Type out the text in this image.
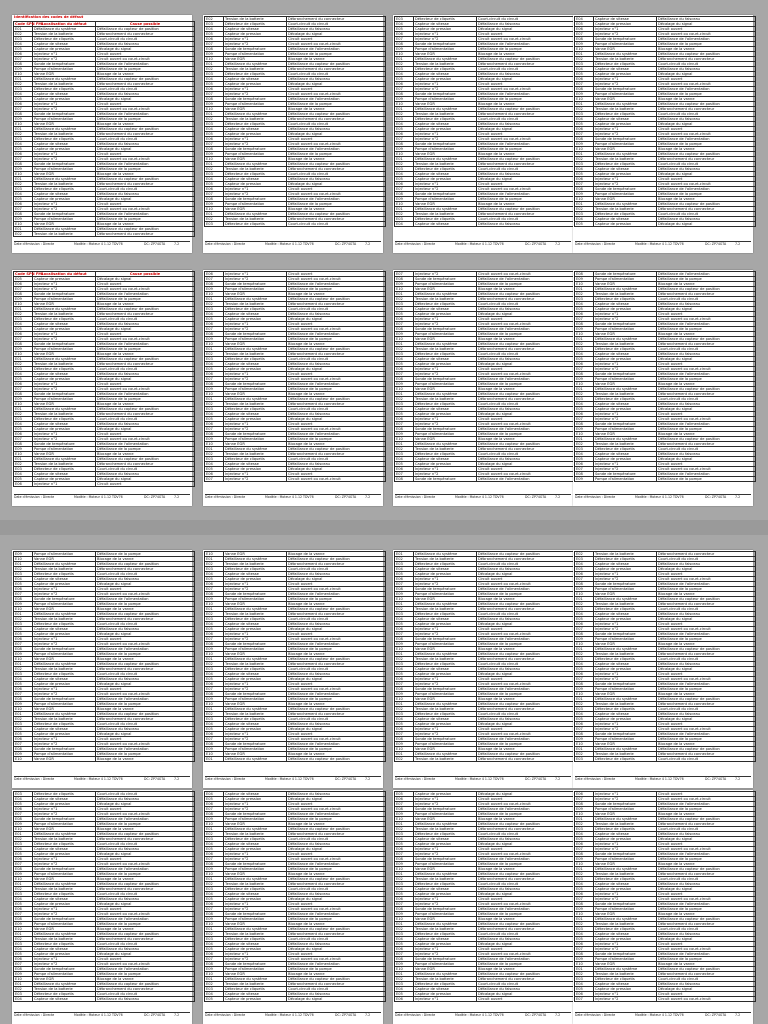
Identification des codes de défaut
Code SPN FMI	Localisation du défaut	Cause possible
E01	Défaillance du système	Défaillance du capteur de position
E02	Tension de la batterie	Débranchement du connecteur
E03	Détecteur de cliquetis	Court-circuit du circuit
E04	Capteur de vitesse	Défaillance du faisceau
E05	Capteur de pression	Décalage du signal
E06	Injecteur n°1	Circuit ouvert
E07	Injecteur n°2	Circuit ouvert ou court-circuit
E08	Sonde de température	Défaillance de l'alimentation
E09	Pompe d'alimentation	Défaillance de la pompe
E10	Vanne EGR	Blocage de la vanne
E01	Défaillance du système	Défaillance du capteur de position
E02	Tension de la batterie	Débranchement du connecteur
E03	Détecteur de cliquetis	Court-circuit du circuit
E04	Capteur de vitesse	Défaillance du faisceau
E05	Capteur de pression	Décalage du signal
E06	Injecteur n°1	Circuit ouvert
E07	Injecteur n°2	Circuit ouvert ou court-circuit
E08	Sonde de température	Défaillance de l'alimentation
E09	Pompe d'alimentation	Défaillance de la pompe
E10	Vanne EGR	Blocage de la vanne
E01	Défaillance du système	Défaillance du capteur de position
E02	Tension de la batterie	Débranchement du connecteur
E03	Détecteur de cliquetis	Court-circuit du circuit
E04	Capteur de vitesse	Défaillance du faisceau
E05	Capteur de pression	Décalage du signal
E06	Injecteur n°1	Circuit ouvert
E07	Injecteur n°2	Circuit ouvert ou court-circuit
E08	Sonde de température	Défaillance de l'alimentation
E09	Pompe d'alimentation	Défaillance de la pompe
E10	Vanne EGR	Blocage de la vanne
E01	Défaillance du système	Défaillance du capteur de position
E02	Tension de la batterie	Débranchement du connecteur
E03	Détecteur de cliquetis	Court-circuit du circuit
E04	Capteur de vitesse	Défaillance du faisceau
E05	Capteur de pression	Décalage du signal
E06	Injecteur n°1	Circuit ouvert
E07	Injecteur n°2	Circuit ouvert ou court-circuit
E08	Sonde de température	Défaillance de l'alimentation
E09	Pompe d'alimentation	Défaillance de la pompe
E10	Vanne EGR	Blocage de la vanne
E01	Défaillance du système	Défaillance du capteur de position
E02	Tension de la batterie	Débranchement du connecteur
Date d'émission : Directe	Modèle : Moteur 4 1.12 TDV76	DC: ZP74GTA	7-2
E02	Tension de la batterie	Débranchement du connecteur
E03	Détecteur de cliquetis	Court-circuit du circuit
E04	Capteur de vitesse	Défaillance du faisceau
E05	Capteur de pression	Décalage du signal
E06	Injecteur n°1	Circuit ouvert
E07	Injecteur n°2	Circuit ouvert ou court-circuit
E08	Sonde de température	Défaillance de l'alimentation
E09	Pompe d'alimentation	Défaillance de la pompe
E10	Vanne EGR	Blocage de la vanne
E01	Défaillance du système	Défaillance du capteur de position
E02	Tension de la batterie	Débranchement du connecteur
E03	Détecteur de cliquetis	Court-circuit du circuit
E04	Capteur de vitesse	Défaillance du faisceau
E05	Capteur de pression	Décalage du signal
E06	Injecteur n°1	Circuit ouvert
E07	Injecteur n°2	Circuit ouvert ou court-circuit
E08	Sonde de température	Défaillance de l'alimentation
E09	Pompe d'alimentation	Défaillance de la pompe
E10	Vanne EGR	Blocage de la vanne
E01	Défaillance du système	Défaillance du capteur de position
E02	Tension de la batterie	Débranchement du connecteur
E03	Détecteur de cliquetis	Court-circuit du circuit
E04	Capteur de vitesse	Défaillance du faisceau
E05	Capteur de pression	Décalage du signal
E06	Injecteur n°1	Circuit ouvert
E07	Injecteur n°2	Circuit ouvert ou court-circuit
E08	Sonde de température	Défaillance de l'alimentation
E09	Pompe d'alimentation	Défaillance de la pompe
E10	Vanne EGR	Blocage de la vanne
E01	Défaillance du système	Défaillance du capteur de position
E02	Tension de la batterie	Débranchement du connecteur
E03	Détecteur de cliquetis	Court-circuit du circuit
E04	Capteur de vitesse	Défaillance du faisceau
E05	Capteur de pression	Décalage du signal
E06	Injecteur n°1	Circuit ouvert
E07	Injecteur n°2	Circuit ouvert ou court-circuit
E08	Sonde de température	Défaillance de l'alimentation
E09	Pompe d'alimentation	Défaillance de la pompe
E10	Vanne EGR	Blocage de la vanne
E01	Défaillance du système	Défaillance du capteur de position
E02	Tension de la batterie	Débranchement du connecteur
E03	Détecteur de cliquetis	Court-circuit du circuit
Date d'émission : Directe	Modèle : Moteur 4 1.12 TDV76	DC: ZP74GTA	7-2
E03	Détecteur de cliquetis	Court-circuit du circuit
E04	Capteur de vitesse	Défaillance du faisceau
E05	Capteur de pression	Décalage du signal
E06	Injecteur n°1	Circuit ouvert
E07	Injecteur n°2	Circuit ouvert ou court-circuit
E08	Sonde de température	Défaillance de l'alimentation
E09	Pompe d'alimentation	Défaillance de la pompe
E10	Vanne EGR	Blocage de la vanne
E01	Défaillance du système	Défaillance du capteur de position
E02	Tension de la batterie	Débranchement du connecteur
E03	Détecteur de cliquetis	Court-circuit du circuit
E04	Capteur de vitesse	Défaillance du faisceau
E05	Capteur de pression	Décalage du signal
E06	Injecteur n°1	Circuit ouvert
E07	Injecteur n°2	Circuit ouvert ou court-circuit
E08	Sonde de température	Défaillance de l'alimentation
E09	Pompe d'alimentation	Défaillance de la pompe
E10	Vanne EGR	Blocage de la vanne
E01	Défaillance du système	Défaillance du capteur de position
E02	Tension de la batterie	Débranchement du connecteur
E03	Détecteur de cliquetis	Court-circuit du circuit
E04	Capteur de vitesse	Défaillance du faisceau
E05	Capteur de pression	Décalage du signal
E06	Injecteur n°1	Circuit ouvert
E07	Injecteur n°2	Circuit ouvert ou court-circuit
E08	Sonde de température	Défaillance de l'alimentation
E09	Pompe d'alimentation	Défaillance de la pompe
E10	Vanne EGR	Blocage de la vanne
E01	Défaillance du système	Défaillance du capteur de position
E02	Tension de la batterie	Débranchement du connecteur
E03	Détecteur de cliquetis	Court-circuit du circuit
E04	Capteur de vitesse	Défaillance du faisceau
E05	Capteur de pression	Décalage du signal
E06	Injecteur n°1	Circuit ouvert
E07	Injecteur n°2	Circuit ouvert ou court-circuit
E08	Sonde de température	Défaillance de l'alimentation
E09	Pompe d'alimentation	Défaillance de la pompe
E10	Vanne EGR	Blocage de la vanne
E01	Défaillance du système	Défaillance du capteur de position
E02	Tension de la batterie	Débranchement du connecteur
E03	Détecteur de cliquetis	Court-circuit du circuit
E04	Capteur de vitesse	Défaillance du faisceau
Date d'émission : Directe	Modèle : Moteur 4 1.12 TDV76	DC: ZP74GTA	7-2
E04	Capteur de vitesse	Défaillance du faisceau
E05	Capteur de pression	Décalage du signal
E06	Injecteur n°1	Circuit ouvert
E07	Injecteur n°2	Circuit ouvert ou court-circuit
E08	Sonde de température	Défaillance de l'alimentation
E09	Pompe d'alimentation	Défaillance de la pompe
E10	Vanne EGR	Blocage de la vanne
E01	Défaillance du système	Défaillance du capteur de position
E02	Tension de la batterie	Débranchement du connecteur
E03	Détecteur de cliquetis	Court-circuit du circuit
E04	Capteur de vitesse	Défaillance du faisceau
E05	Capteur de pression	Décalage du signal
E06	Injecteur n°1	Circuit ouvert
E07	Injecteur n°2	Circuit ouvert ou court-circuit
E08	Sonde de température	Défaillance de l'alimentation
E09	Pompe d'alimentation	Défaillance de la pompe
E10	Vanne EGR	Blocage de la vanne
E01	Défaillance du système	Défaillance du capteur de position
E02	Tension de la batterie	Débranchement du connecteur
E03	Détecteur de cliquetis	Court-circuit du circuit
E04	Capteur de vitesse	Défaillance du faisceau
E05	Capteur de pression	Décalage du signal
E06	Injecteur n°1	Circuit ouvert
E07	Injecteur n°2	Circuit ouvert ou court-circuit
E08	Sonde de température	Défaillance de l'alimentation
E09	Pompe d'alimentation	Défaillance de la pompe
E10	Vanne EGR	Blocage de la vanne
E01	Défaillance du système	Défaillance du capteur de position
E02	Tension de la batterie	Débranchement du connecteur
E03	Détecteur de cliquetis	Court-circuit du circuit
E04	Capteur de vitesse	Défaillance du faisceau
E05	Capteur de pression	Décalage du signal
E06	Injecteur n°1	Circuit ouvert
E07	Injecteur n°2	Circuit ouvert ou court-circuit
E08	Sonde de température	Défaillance de l'alimentation
E09	Pompe d'alimentation	Défaillance de la pompe
E10	Vanne EGR	Blocage de la vanne
E01	Défaillance du système	Défaillance du capteur de position
E02	Tension de la batterie	Débranchement du connecteur
E03	Détecteur de cliquetis	Court-circuit du circuit
E04	Capteur de vitesse	Défaillance du faisceau
E05	Capteur de pression	Décalage du signal
Date d'émission : Directe	Modèle : Moteur 4 1.12 TDV76	DC: ZP74GTA	7-2
Code SPN FMI	Localisation du défaut	Cause possible
E05	Capteur de pression	Décalage du signal
E06	Injecteur n°1	Circuit ouvert
E07	Injecteur n°2	Circuit ouvert ou court-circuit
E08	Sonde de température	Défaillance de l'alimentation
E09	Pompe d'alimentation	Défaillance de la pompe
E10	Vanne EGR	Blocage de la vanne
E01	Défaillance du système	Défaillance du capteur de position
E02	Tension de la batterie	Débranchement du connecteur
E03	Détecteur de cliquetis	Court-circuit du circuit
E04	Capteur de vitesse	Défaillance du faisceau
E05	Capteur de pression	Décalage du signal
E06	Injecteur n°1	Circuit ouvert
E07	Injecteur n°2	Circuit ouvert ou court-circuit
E08	Sonde de température	Défaillance de l'alimentation
E09	Pompe d'alimentation	Défaillance de la pompe
E10	Vanne EGR	Blocage de la vanne
E01	Défaillance du système	Défaillance du capteur de position
E02	Tension de la batterie	Débranchement du connecteur
E03	Détecteur de cliquetis	Court-circuit du circuit
E04	Capteur de vitesse	Défaillance du faisceau
E05	Capteur de pression	Décalage du signal
E06	Injecteur n°1	Circuit ouvert
E07	Injecteur n°2	Circuit ouvert ou court-circuit
E08	Sonde de température	Défaillance de l'alimentation
E09	Pompe d'alimentation	Défaillance de la pompe
E10	Vanne EGR	Blocage de la vanne
E01	Défaillance du système	Défaillance du capteur de position
E02	Tension de la batterie	Débranchement du connecteur
E03	Détecteur de cliquetis	Court-circuit du circuit
E04	Capteur de vitesse	Défaillance du faisceau
E05	Capteur de pression	Décalage du signal
E06	Injecteur n°1	Circuit ouvert
E07	Injecteur n°2	Circuit ouvert ou court-circuit
E08	Sonde de température	Défaillance de l'alimentation
E09	Pompe d'alimentation	Défaillance de la pompe
E10	Vanne EGR	Blocage de la vanne
E01	Défaillance du système	Défaillance du capteur de position
E02	Tension de la batterie	Débranchement du connecteur
E03	Détecteur de cliquetis	Court-circuit du circuit
E04	Capteur de vitesse	Défaillance du faisceau
E05	Capteur de pression	Décalage du signal
E06	Injecteur n°1	Circuit ouvert
Date d'émission : Directe	Modèle : Moteur 4 1.12 TDV76	DC: ZP74GTA	7-2
E06	Injecteur n°1	Circuit ouvert
E07	Injecteur n°2	Circuit ouvert ou court-circuit
E08	Sonde de température	Défaillance de l'alimentation
E09	Pompe d'alimentation	Défaillance de la pompe
E10	Vanne EGR	Blocage de la vanne
E01	Défaillance du système	Défaillance du capteur de position
E02	Tension de la batterie	Débranchement du connecteur
E03	Détecteur de cliquetis	Court-circuit du circuit
E04	Capteur de vitesse	Défaillance du faisceau
E05	Capteur de pression	Décalage du signal
E06	Injecteur n°1	Circuit ouvert
E07	Injecteur n°2	Circuit ouvert ou court-circuit
E08	Sonde de température	Défaillance de l'alimentation
E09	Pompe d'alimentation	Défaillance de la pompe
E10	Vanne EGR	Blocage de la vanne
E01	Défaillance du système	Défaillance du capteur de position
E02	Tension de la batterie	Débranchement du connecteur
E03	Détecteur de cliquetis	Court-circuit du circuit
E04	Capteur de vitesse	Défaillance du faisceau
E05	Capteur de pression	Décalage du signal
E06	Injecteur n°1	Circuit ouvert
E07	Injecteur n°2	Circuit ouvert ou court-circuit
E08	Sonde de température	Défaillance de l'alimentation
E09	Pompe d'alimentation	Défaillance de la pompe
E10	Vanne EGR	Blocage de la vanne
E01	Défaillance du système	Défaillance du capteur de position
E02	Tension de la batterie	Débranchement du connecteur
E03	Détecteur de cliquetis	Court-circuit du circuit
E04	Capteur de vitesse	Défaillance du faisceau
E05	Capteur de pression	Décalage du signal
E06	Injecteur n°1	Circuit ouvert
E07	Injecteur n°2	Circuit ouvert ou court-circuit
E08	Sonde de température	Défaillance de l'alimentation
E09	Pompe d'alimentation	Défaillance de la pompe
E10	Vanne EGR	Blocage de la vanne
E01	Défaillance du système	Défaillance du capteur de position
E02	Tension de la batterie	Débranchement du connecteur
E03	Détecteur de cliquetis	Court-circuit du circuit
E04	Capteur de vitesse	Défaillance du faisceau
E05	Capteur de pression	Décalage du signal
E06	Injecteur n°1	Circuit ouvert
E07	Injecteur n°2	Circuit ouvert ou court-circuit
Date d'émission : Directe	Modèle : Moteur 4 1.12 TDV76	DC: ZP74GTA	7-2
E07	Injecteur n°2	Circuit ouvert ou court-circuit
E08	Sonde de température	Défaillance de l'alimentation
E09	Pompe d'alimentation	Défaillance de la pompe
E10	Vanne EGR	Blocage de la vanne
E01	Défaillance du système	Défaillance du capteur de position
E02	Tension de la batterie	Débranchement du connecteur
E03	Détecteur de cliquetis	Court-circuit du circuit
E04	Capteur de vitesse	Défaillance du faisceau
E05	Capteur de pression	Décalage du signal
E06	Injecteur n°1	Circuit ouvert
E07	Injecteur n°2	Circuit ouvert ou court-circuit
E08	Sonde de température	Défaillance de l'alimentation
E09	Pompe d'alimentation	Défaillance de la pompe
E10	Vanne EGR	Blocage de la vanne
E01	Défaillance du système	Défaillance du capteur de position
E02	Tension de la batterie	Débranchement du connecteur
E03	Détecteur de cliquetis	Court-circuit du circuit
E04	Capteur de vitesse	Défaillance du faisceau
E05	Capteur de pression	Décalage du signal
E06	Injecteur n°1	Circuit ouvert
E07	Injecteur n°2	Circuit ouvert ou court-circuit
E08	Sonde de température	Défaillance de l'alimentation
E09	Pompe d'alimentation	Défaillance de la pompe
E10	Vanne EGR	Blocage de la vanne
E01	Défaillance du système	Défaillance du capteur de position
E02	Tension de la batterie	Débranchement du connecteur
E03	Détecteur de cliquetis	Court-circuit du circuit
E04	Capteur de vitesse	Défaillance du faisceau
E05	Capteur de pression	Décalage du signal
E06	Injecteur n°1	Circuit ouvert
E07	Injecteur n°2	Circuit ouvert ou court-circuit
E08	Sonde de température	Défaillance de l'alimentation
E09	Pompe d'alimentation	Défaillance de la pompe
E10	Vanne EGR	Blocage de la vanne
E01	Défaillance du système	Défaillance du capteur de position
E02	Tension de la batterie	Débranchement du connecteur
E03	Détecteur de cliquetis	Court-circuit du circuit
E04	Capteur de vitesse	Défaillance du faisceau
E05	Capteur de pression	Décalage du signal
E06	Injecteur n°1	Circuit ouvert
E07	Injecteur n°2	Circuit ouvert ou court-circuit
E08	Sonde de température	Défaillance de l'alimentation
Date d'émission : Directe	Modèle : Moteur 4 1.12 TDV76	DC: ZP74GTA	7-2
E08	Sonde de température	Défaillance de l'alimentation
E09	Pompe d'alimentation	Défaillance de la pompe
E10	Vanne EGR	Blocage de la vanne
E01	Défaillance du système	Défaillance du capteur de position
E02	Tension de la batterie	Débranchement du connecteur
E03	Détecteur de cliquetis	Court-circuit du circuit
E04	Capteur de vitesse	Défaillance du faisceau
E05	Capteur de pression	Décalage du signal
E06	Injecteur n°1	Circuit ouvert
E07	Injecteur n°2	Circuit ouvert ou court-circuit
E08	Sonde de température	Défaillance de l'alimentation
E09	Pompe d'alimentation	Défaillance de la pompe
E10	Vanne EGR	Blocage de la vanne
E01	Défaillance du système	Défaillance du capteur de position
E02	Tension de la batterie	Débranchement du connecteur
E03	Détecteur de cliquetis	Court-circuit du circuit
E04	Capteur de vitesse	Défaillance du faisceau
E05	Capteur de pression	Décalage du signal
E06	Injecteur n°1	Circuit ouvert
E07	Injecteur n°2	Circuit ouvert ou court-circuit
E08	Sonde de température	Défaillance de l'alimentation
E09	Pompe d'alimentation	Défaillance de la pompe
E10	Vanne EGR	Blocage de la vanne
E01	Défaillance du système	Défaillance du capteur de position
E02	Tension de la batterie	Débranchement du connecteur
E03	Détecteur de cliquetis	Court-circuit du circuit
E04	Capteur de vitesse	Défaillance du faisceau
E05	Capteur de pression	Décalage du signal
E06	Injecteur n°1	Circuit ouvert
E07	Injecteur n°2	Circuit ouvert ou court-circuit
E08	Sonde de température	Défaillance de l'alimentation
E09	Pompe d'alimentation	Défaillance de la pompe
E10	Vanne EGR	Blocage de la vanne
E01	Défaillance du système	Défaillance du capteur de position
E02	Tension de la batterie	Débranchement du connecteur
E03	Détecteur de cliquetis	Court-circuit du circuit
E04	Capteur de vitesse	Défaillance du faisceau
E05	Capteur de pression	Décalage du signal
E06	Injecteur n°1	Circuit ouvert
E07	Injecteur n°2	Circuit ouvert ou court-circuit
E08	Sonde de température	Défaillance de l'alimentation
E09	Pompe d'alimentation	Défaillance de la pompe
Date d'émission : Directe	Modèle : Moteur 4 1.12 TDV76	DC: ZP74GTA	7-2
E09	Pompe d'alimentation	Défaillance de la pompe
E10	Vanne EGR	Blocage de la vanne
E01	Défaillance du système	Défaillance du capteur de position
E02	Tension de la batterie	Débranchement du connecteur
E03	Détecteur de cliquetis	Court-circuit du circuit
E04	Capteur de vitesse	Défaillance du faisceau
E05	Capteur de pression	Décalage du signal
E06	Injecteur n°1	Circuit ouvert
E07	Injecteur n°2	Circuit ouvert ou court-circuit
E08	Sonde de température	Défaillance de l'alimentation
E09	Pompe d'alimentation	Défaillance de la pompe
E10	Vanne EGR	Blocage de la vanne
E01	Défaillance du système	Défaillance du capteur de position
E02	Tension de la batterie	Débranchement du connecteur
E03	Détecteur de cliquetis	Court-circuit du circuit
E04	Capteur de vitesse	Défaillance du faisceau
E05	Capteur de pression	Décalage du signal
E06	Injecteur n°1	Circuit ouvert
E07	Injecteur n°2	Circuit ouvert ou court-circuit
E08	Sonde de température	Défaillance de l'alimentation
E09	Pompe d'alimentation	Défaillance de la pompe
E10	Vanne EGR	Blocage de la vanne
E01	Défaillance du système	Défaillance du capteur de position
E02	Tension de la batterie	Débranchement du connecteur
E03	Détecteur de cliquetis	Court-circuit du circuit
E04	Capteur de vitesse	Défaillance du faisceau
E05	Capteur de pression	Décalage du signal
E06	Injecteur n°1	Circuit ouvert
E07	Injecteur n°2	Circuit ouvert ou court-circuit
E08	Sonde de température	Défaillance de l'alimentation
E09	Pompe d'alimentation	Défaillance de la pompe
E10	Vanne EGR	Blocage de la vanne
E01	Défaillance du système	Défaillance du capteur de position
E02	Tension de la batterie	Débranchement du connecteur
E03	Détecteur de cliquetis	Court-circuit du circuit
E04	Capteur de vitesse	Défaillance du faisceau
E05	Capteur de pression	Décalage du signal
E06	Injecteur n°1	Circuit ouvert
E07	Injecteur n°2	Circuit ouvert ou court-circuit
E08	Sonde de température	Défaillance de l'alimentation
E09	Pompe d'alimentation	Défaillance de la pompe
E10	Vanne EGR	Blocage de la vanne
Date d'émission : Directe	Modèle : Moteur 4 1.12 TDV76	DC: ZP74GTA	7-2
E10	Vanne EGR	Blocage de la vanne
E01	Défaillance du système	Défaillance du capteur de position
E02	Tension de la batterie	Débranchement du connecteur
E03	Détecteur de cliquetis	Court-circuit du circuit
E04	Capteur de vitesse	Défaillance du faisceau
E05	Capteur de pression	Décalage du signal
E06	Injecteur n°1	Circuit ouvert
E07	Injecteur n°2	Circuit ouvert ou court-circuit
E08	Sonde de température	Défaillance de l'alimentation
E09	Pompe d'alimentation	Défaillance de la pompe
E10	Vanne EGR	Blocage de la vanne
E01	Défaillance du système	Défaillance du capteur de position
E02	Tension de la batterie	Débranchement du connecteur
E03	Détecteur de cliquetis	Court-circuit du circuit
E04	Capteur de vitesse	Défaillance du faisceau
E05	Capteur de pression	Décalage du signal
E06	Injecteur n°1	Circuit ouvert
E07	Injecteur n°2	Circuit ouvert ou court-circuit
E08	Sonde de température	Défaillance de l'alimentation
E09	Pompe d'alimentation	Défaillance de la pompe
E10	Vanne EGR	Blocage de la vanne
E01	Défaillance du système	Défaillance du capteur de position
E02	Tension de la batterie	Débranchement du connecteur
E03	Détecteur de cliquetis	Court-circuit du circuit
E04	Capteur de vitesse	Défaillance du faisceau
E05	Capteur de pression	Décalage du signal
E06	Injecteur n°1	Circuit ouvert
E07	Injecteur n°2	Circuit ouvert ou court-circuit
E08	Sonde de température	Défaillance de l'alimentation
E09	Pompe d'alimentation	Défaillance de la pompe
E10	Vanne EGR	Blocage de la vanne
E01	Défaillance du système	Défaillance du capteur de position
E02	Tension de la batterie	Débranchement du connecteur
E03	Détecteur de cliquetis	Court-circuit du circuit
E04	Capteur de vitesse	Défaillance du faisceau
E05	Capteur de pression	Décalage du signal
E06	Injecteur n°1	Circuit ouvert
E07	Injecteur n°2	Circuit ouvert ou court-circuit
E08	Sonde de température	Défaillance de l'alimentation
E09	Pompe d'alimentation	Défaillance de la pompe
E10	Vanne EGR	Blocage de la vanne
E01	Défaillance du système	Défaillance du capteur de position
Date d'émission : Directe	Modèle : Moteur 4 1.12 TDV76	DC: ZP74GTA	7-2
E01	Défaillance du système	Défaillance du capteur de position
E02	Tension de la batterie	Débranchement du connecteur
E03	Détecteur de cliquetis	Court-circuit du circuit
E04	Capteur de vitesse	Défaillance du faisceau
E05	Capteur de pression	Décalage du signal
E06	Injecteur n°1	Circuit ouvert
E07	Injecteur n°2	Circuit ouvert ou court-circuit
E08	Sonde de température	Défaillance de l'alimentation
E09	Pompe d'alimentation	Défaillance de la pompe
E10	Vanne EGR	Blocage de la vanne
E01	Défaillance du système	Défaillance du capteur de position
E02	Tension de la batterie	Débranchement du connecteur
E03	Détecteur de cliquetis	Court-circuit du circuit
E04	Capteur de vitesse	Défaillance du faisceau
E05	Capteur de pression	Décalage du signal
E06	Injecteur n°1	Circuit ouvert
E07	Injecteur n°2	Circuit ouvert ou court-circuit
E08	Sonde de température	Défaillance de l'alimentation
E09	Pompe d'alimentation	Défaillance de la pompe
E10	Vanne EGR	Blocage de la vanne
E01	Défaillance du système	Défaillance du capteur de position
E02	Tension de la batterie	Débranchement du connecteur
E03	Détecteur de cliquetis	Court-circuit du circuit
E04	Capteur de vitesse	Défaillance du faisceau
E05	Capteur de pression	Décalage du signal
E06	Injecteur n°1	Circuit ouvert
E07	Injecteur n°2	Circuit ouvert ou court-circuit
E08	Sonde de température	Défaillance de l'alimentation
E09	Pompe d'alimentation	Défaillance de la pompe
E10	Vanne EGR	Blocage de la vanne
E01	Défaillance du système	Défaillance du capteur de position
E02	Tension de la batterie	Débranchement du connecteur
E03	Détecteur de cliquetis	Court-circuit du circuit
E04	Capteur de vitesse	Défaillance du faisceau
E05	Capteur de pression	Décalage du signal
E06	Injecteur n°1	Circuit ouvert
E07	Injecteur n°2	Circuit ouvert ou court-circuit
E08	Sonde de température	Défaillance de l'alimentation
E09	Pompe d'alimentation	Défaillance de la pompe
E10	Vanne EGR	Blocage de la vanne
E01	Défaillance du système	Défaillance du capteur de position
E02	Tension de la batterie	Débranchement du connecteur
Date d'émission : Directe	Modèle : Moteur 4 1.12 TDV76	DC: ZP74GTA	7-2
E02	Tension de la batterie	Débranchement du connecteur
E03	Détecteur de cliquetis	Court-circuit du circuit
E04	Capteur de vitesse	Défaillance du faisceau
E05	Capteur de pression	Décalage du signal
E06	Injecteur n°1	Circuit ouvert
E07	Injecteur n°2	Circuit ouvert ou court-circuit
E08	Sonde de température	Défaillance de l'alimentation
E09	Pompe d'alimentation	Défaillance de la pompe
E10	Vanne EGR	Blocage de la vanne
E01	Défaillance du système	Défaillance du capteur de position
E02	Tension de la batterie	Débranchement du connecteur
E03	Détecteur de cliquetis	Court-circuit du circuit
E04	Capteur de vitesse	Défaillance du faisceau
E05	Capteur de pression	Décalage du signal
E06	Injecteur n°1	Circuit ouvert
E07	Injecteur n°2	Circuit ouvert ou court-circuit
E08	Sonde de température	Défaillance de l'alimentation
E09	Pompe d'alimentation	Défaillance de la pompe
E10	Vanne EGR	Blocage de la vanne
E01	Défaillance du système	Défaillance du capteur de position
E02	Tension de la batterie	Débranchement du connecteur
E03	Détecteur de cliquetis	Court-circuit du circuit
E04	Capteur de vitesse	Défaillance du faisceau
E05	Capteur de pression	Décalage du signal
E06	Injecteur n°1	Circuit ouvert
E07	Injecteur n°2	Circuit ouvert ou court-circuit
E08	Sonde de température	Défaillance de l'alimentation
E09	Pompe d'alimentation	Défaillance de la pompe
E10	Vanne EGR	Blocage de la vanne
E01	Défaillance du système	Défaillance du capteur de position
E02	Tension de la batterie	Débranchement du connecteur
E03	Détecteur de cliquetis	Court-circuit du circuit
E04	Capteur de vitesse	Défaillance du faisceau
E05	Capteur de pression	Décalage du signal
E06	Injecteur n°1	Circuit ouvert
E07	Injecteur n°2	Circuit ouvert ou court-circuit
E08	Sonde de température	Défaillance de l'alimentation
E09	Pompe d'alimentation	Défaillance de la pompe
E10	Vanne EGR	Blocage de la vanne
E01	Défaillance du système	Défaillance du capteur de position
E02	Tension de la batterie	Débranchement du connecteur
E03	Détecteur de cliquetis	Court-circuit du circuit
Date d'émission : Directe	Modèle : Moteur 4 1.12 TDV76	DC: ZP74GTA	7-2
E03	Détecteur de cliquetis	Court-circuit du circuit
E04	Capteur de vitesse	Défaillance du faisceau
E05	Capteur de pression	Décalage du signal
E06	Injecteur n°1	Circuit ouvert
E07	Injecteur n°2	Circuit ouvert ou court-circuit
E08	Sonde de température	Défaillance de l'alimentation
E09	Pompe d'alimentation	Défaillance de la pompe
E10	Vanne EGR	Blocage de la vanne
E01	Défaillance du système	Défaillance du capteur de position
E02	Tension de la batterie	Débranchement du connecteur
E03	Détecteur de cliquetis	Court-circuit du circuit
E04	Capteur de vitesse	Défaillance du faisceau
E05	Capteur de pression	Décalage du signal
E06	Injecteur n°1	Circuit ouvert
E07	Injecteur n°2	Circuit ouvert ou court-circuit
E08	Sonde de température	Défaillance de l'alimentation
E09	Pompe d'alimentation	Défaillance de la pompe
E10	Vanne EGR	Blocage de la vanne
E01	Défaillance du système	Défaillance du capteur de position
E02	Tension de la batterie	Débranchement du connecteur
E03	Détecteur de cliquetis	Court-circuit du circuit
E04	Capteur de vitesse	Défaillance du faisceau
E05	Capteur de pression	Décalage du signal
E06	Injecteur n°1	Circuit ouvert
E07	Injecteur n°2	Circuit ouvert ou court-circuit
E08	Sonde de température	Défaillance de l'alimentation
E09	Pompe d'alimentation	Défaillance de la pompe
E10	Vanne EGR	Blocage de la vanne
E01	Défaillance du système	Défaillance du capteur de position
E02	Tension de la batterie	Débranchement du connecteur
E03	Détecteur de cliquetis	Court-circuit du circuit
E04	Capteur de vitesse	Défaillance du faisceau
E05	Capteur de pression	Décalage du signal
E06	Injecteur n°1	Circuit ouvert
E07	Injecteur n°2	Circuit ouvert ou court-circuit
E08	Sonde de température	Défaillance de l'alimentation
E09	Pompe d'alimentation	Défaillance de la pompe
E10	Vanne EGR	Blocage de la vanne
E01	Défaillance du système	Défaillance du capteur de position
E02	Tension de la batterie	Débranchement du connecteur
E03	Détecteur de cliquetis	Court-circuit du circuit
E04	Capteur de vitesse	Défaillance du faisceau
Date d'émission : Directe	Modèle : Moteur 4 1.12 TDV76	DC: ZP74GTA	7-2
E04	Capteur de vitesse	Défaillance du faisceau
E05	Capteur de pression	Décalage du signal
E06	Injecteur n°1	Circuit ouvert
E07	Injecteur n°2	Circuit ouvert ou court-circuit
E08	Sonde de température	Défaillance de l'alimentation
E09	Pompe d'alimentation	Défaillance de la pompe
E10	Vanne EGR	Blocage de la vanne
E01	Défaillance du système	Défaillance du capteur de position
E02	Tension de la batterie	Débranchement du connecteur
E03	Détecteur de cliquetis	Court-circuit du circuit
E04	Capteur de vitesse	Défaillance du faisceau
E05	Capteur de pression	Décalage du signal
E06	Injecteur n°1	Circuit ouvert
E07	Injecteur n°2	Circuit ouvert ou court-circuit
E08	Sonde de température	Défaillance de l'alimentation
E09	Pompe d'alimentation	Défaillance de la pompe
E10	Vanne EGR	Blocage de la vanne
E01	Défaillance du système	Défaillance du capteur de position
E02	Tension de la batterie	Débranchement du connecteur
E03	Détecteur de cliquetis	Court-circuit du circuit
E04	Capteur de vitesse	Défaillance du faisceau
E05	Capteur de pression	Décalage du signal
E06	Injecteur n°1	Circuit ouvert
E07	Injecteur n°2	Circuit ouvert ou court-circuit
E08	Sonde de température	Défaillance de l'alimentation
E09	Pompe d'alimentation	Défaillance de la pompe
E10	Vanne EGR	Blocage de la vanne
E01	Défaillance du système	Défaillance du capteur de position
E02	Tension de la batterie	Débranchement du connecteur
E03	Détecteur de cliquetis	Court-circuit du circuit
E04	Capteur de vitesse	Défaillance du faisceau
E05	Capteur de pression	Décalage du signal
E06	Injecteur n°1	Circuit ouvert
E07	Injecteur n°2	Circuit ouvert ou court-circuit
E08	Sonde de température	Défaillance de l'alimentation
E09	Pompe d'alimentation	Défaillance de la pompe
E10	Vanne EGR	Blocage de la vanne
E01	Défaillance du système	Défaillance du capteur de position
E02	Tension de la batterie	Débranchement du connecteur
E03	Détecteur de cliquetis	Court-circuit du circuit
E04	Capteur de vitesse	Défaillance du faisceau
E05	Capteur de pression	Décalage du signal
Date d'émission : Directe	Modèle : Moteur 4 1.12 TDV76	DC: ZP74GTA	7-2
E05	Capteur de pression	Décalage du signal
E06	Injecteur n°1	Circuit ouvert
E07	Injecteur n°2	Circuit ouvert ou court-circuit
E08	Sonde de température	Défaillance de l'alimentation
E09	Pompe d'alimentation	Défaillance de la pompe
E10	Vanne EGR	Blocage de la vanne
E01	Défaillance du système	Défaillance du capteur de position
E02	Tension de la batterie	Débranchement du connecteur
E03	Détecteur de cliquetis	Court-circuit du circuit
E04	Capteur de vitesse	Défaillance du faisceau
E05	Capteur de pression	Décalage du signal
E06	Injecteur n°1	Circuit ouvert
E07	Injecteur n°2	Circuit ouvert ou court-circuit
E08	Sonde de température	Défaillance de l'alimentation
E09	Pompe d'alimentation	Défaillance de la pompe
E10	Vanne EGR	Blocage de la vanne
E01	Défaillance du système	Défaillance du capteur de position
E02	Tension de la batterie	Débranchement du connecteur
E03	Détecteur de cliquetis	Court-circuit du circuit
E04	Capteur de vitesse	Défaillance du faisceau
E05	Capteur de pression	Décalage du signal
E06	Injecteur n°1	Circuit ouvert
E07	Injecteur n°2	Circuit ouvert ou court-circuit
E08	Sonde de température	Défaillance de l'alimentation
E09	Pompe d'alimentation	Défaillance de la pompe
E10	Vanne EGR	Blocage de la vanne
E01	Défaillance du système	Défaillance du capteur de position
E02	Tension de la batterie	Débranchement du connecteur
E03	Détecteur de cliquetis	Court-circuit du circuit
E04	Capteur de vitesse	Défaillance du faisceau
E05	Capteur de pression	Décalage du signal
E06	Injecteur n°1	Circuit ouvert
E07	Injecteur n°2	Circuit ouvert ou court-circuit
E08	Sonde de température	Défaillance de l'alimentation
E09	Pompe d'alimentation	Défaillance de la pompe
E10	Vanne EGR	Blocage de la vanne
E01	Défaillance du système	Défaillance du capteur de position
E02	Tension de la batterie	Débranchement du connecteur
E03	Détecteur de cliquetis	Court-circuit du circuit
E04	Capteur de vitesse	Défaillance du faisceau
E05	Capteur de pression	Décalage du signal
E06	Injecteur n°1	Circuit ouvert
Date d'émission : Directe	Modèle : Moteur 4 1.12 TDV76	DC: ZP74GTA	7-2
E06	Injecteur n°1	Circuit ouvert
E07	Injecteur n°2	Circuit ouvert ou court-circuit
E08	Sonde de température	Défaillance de l'alimentation
E09	Pompe d'alimentation	Défaillance de la pompe
E10	Vanne EGR	Blocage de la vanne
E01	Défaillance du système	Défaillance du capteur de position
E02	Tension de la batterie	Débranchement du connecteur
E03	Détecteur de cliquetis	Court-circuit du circuit
E04	Capteur de vitesse	Défaillance du faisceau
E05	Capteur de pression	Décalage du signal
E06	Injecteur n°1	Circuit ouvert
E07	Injecteur n°2	Circuit ouvert ou court-circuit
E08	Sonde de température	Défaillance de l'alimentation
E09	Pompe d'alimentation	Défaillance de la pompe
E10	Vanne EGR	Blocage de la vanne
E01	Défaillance du système	Défaillance du capteur de position
E02	Tension de la batterie	Débranchement du connecteur
E03	Détecteur de cliquetis	Court-circuit du circuit
E04	Capteur de vitesse	Défaillance du faisceau
E05	Capteur de pression	Décalage du signal
E06	Injecteur n°1	Circuit ouvert
E07	Injecteur n°2	Circuit ouvert ou court-circuit
E08	Sonde de température	Défaillance de l'alimentation
E09	Pompe d'alimentation	Défaillance de la pompe
E10	Vanne EGR	Blocage de la vanne
E01	Défaillance du système	Défaillance du capteur de position
E02	Tension de la batterie	Débranchement du connecteur
E03	Détecteur de cliquetis	Court-circuit du circuit
E04	Capteur de vitesse	Défaillance du faisceau
E05	Capteur de pression	Décalage du signal
E06	Injecteur n°1	Circuit ouvert
E07	Injecteur n°2	Circuit ouvert ou court-circuit
E08	Sonde de température	Défaillance de l'alimentation
E09	Pompe d'alimentation	Défaillance de la pompe
E10	Vanne EGR	Blocage de la vanne
E01	Défaillance du système	Défaillance du capteur de position
E02	Tension de la batterie	Débranchement du connecteur
E03	Détecteur de cliquetis	Court-circuit du circuit
E04	Capteur de vitesse	Défaillance du faisceau
E05	Capteur de pression	Décalage du signal
E06	Injecteur n°1	Circuit ouvert
E07	Injecteur n°2	Circuit ouvert ou court-circuit
Date d'émission : Directe	Modèle : Moteur 4 1.12 TDV76	DC: ZP74GTA	7-2
